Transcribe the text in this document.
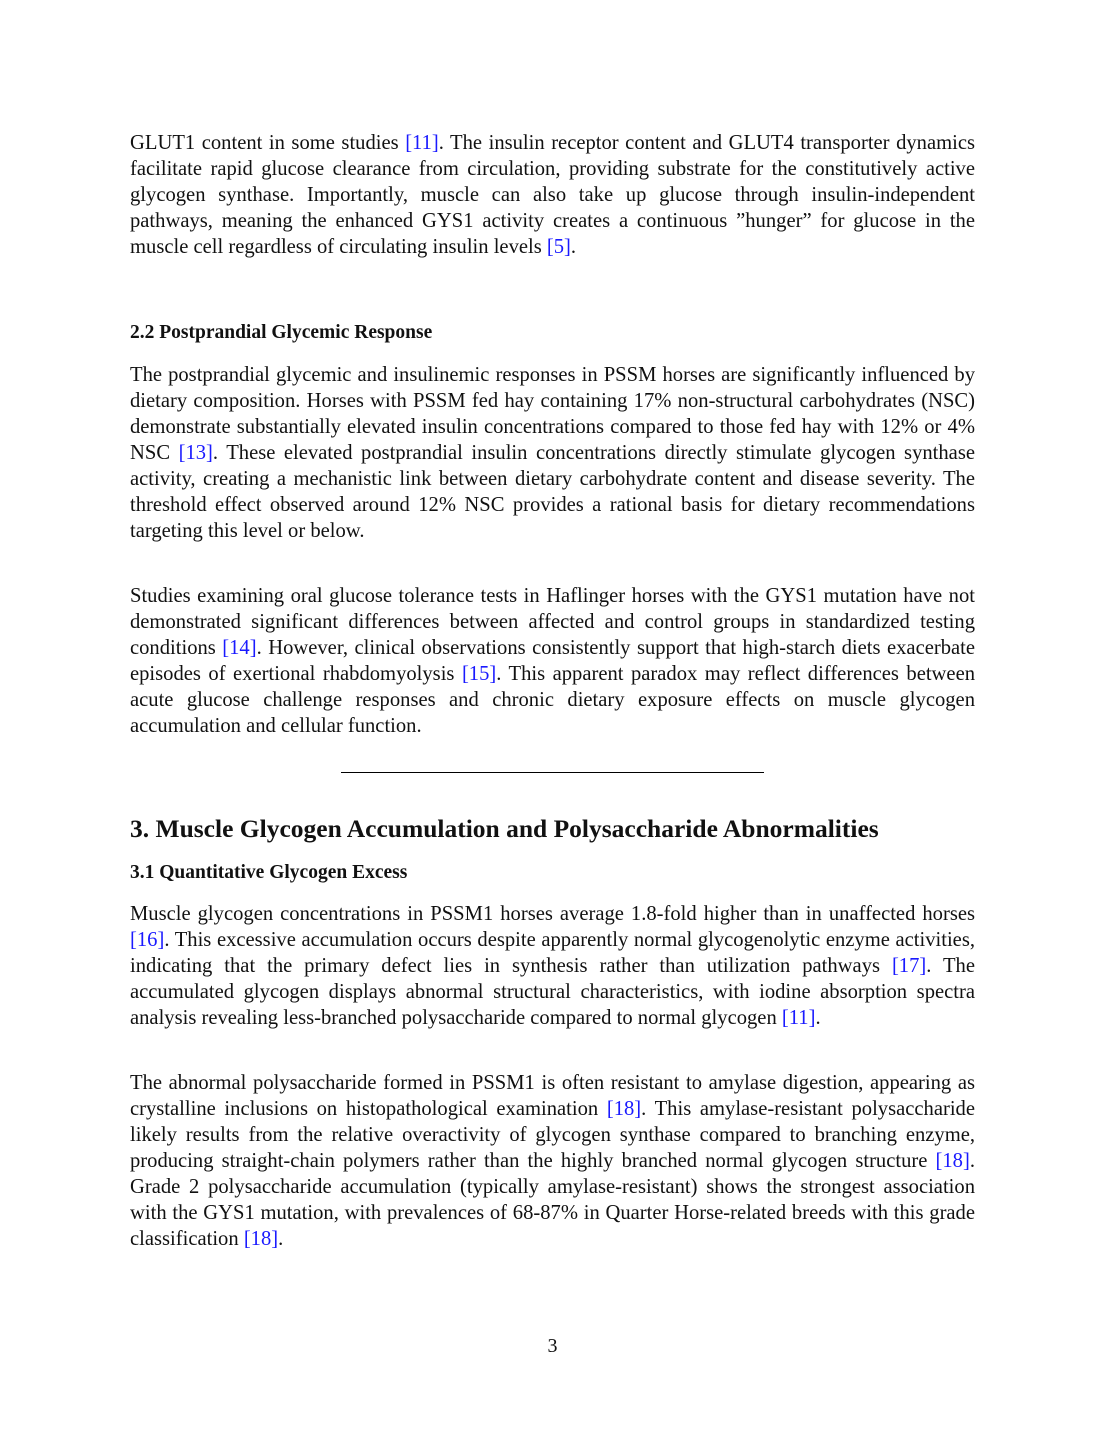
GLUT1 content in some studies [11]. The insulin receptor content and GLUT4 transporter dynamics facilitate rapid glucose clearance from circulation, providing substrate for the constitutively active glycogen synthase. Importantly, muscle can also take up glucose through insulin-independent pathways, meaning the enhanced GYS1 activity creates a continuous ”hunger” for glucose in the muscle cell regardless of circulating insulin levels [5].

2.2 Postprandial Glycemic Response

The postprandial glycemic and insulinemic responses in PSSM horses are significantly influenced by dietary composition. Horses with PSSM fed hay containing 17% non-structural carbohydrates (NSC) demonstrate substantially elevated insulin concentrations compared to those fed hay with 12% or 4% NSC [13]. These elevated postprandial insulin concentrations directly stimulate glycogen synthase activity, creating a mechanistic link between dietary carbohydrate content and disease severity. The threshold effect observed around 12% NSC provides a rational basis for dietary recommendations targeting this level or below.

Studies examining oral glucose tolerance tests in Haflinger horses with the GYS1 mutation have not demonstrated significant differences between affected and control groups in standardized testing conditions [14]. However, clinical observations consistently support that high-starch diets exacerbate episodes of exertional rhabdomyolysis [15]. This apparent paradox may reflect differences between acute glucose challenge responses and chronic dietary exposure effects on muscle glycogen accumulation and cellular function.

3. Muscle Glycogen Accumulation and Polysaccharide Abnormalities
3.1 Quantitative Glycogen Excess

Muscle glycogen concentrations in PSSM1 horses average 1.8-fold higher than in unaffected horses [16]. This excessive accumulation occurs despite apparently normal glycogenolytic enzyme activities, indicating that the primary defect lies in synthesis rather than utilization pathways [17]. The accumulated glycogen displays abnormal structural characteristics, with iodine absorption spectra analysis revealing less-branched polysaccharide compared to normal glycogen [11].

The abnormal polysaccharide formed in PSSM1 is often resistant to amylase digestion, appearing as crystalline inclusions on histopathological examination [18]. This amylase-resistant polysaccharide likely results from the relative overactivity of glycogen synthase compared to branching enzyme, producing straight-chain polymers rather than the highly branched normal glycogen structure [18]. Grade 2 polysaccharide accumulation (typically amylase-resistant) shows the strongest association with the GYS1 mutation, with prevalences of 68-87% in Quarter Horse-related breeds with this grade classification [18].

3
